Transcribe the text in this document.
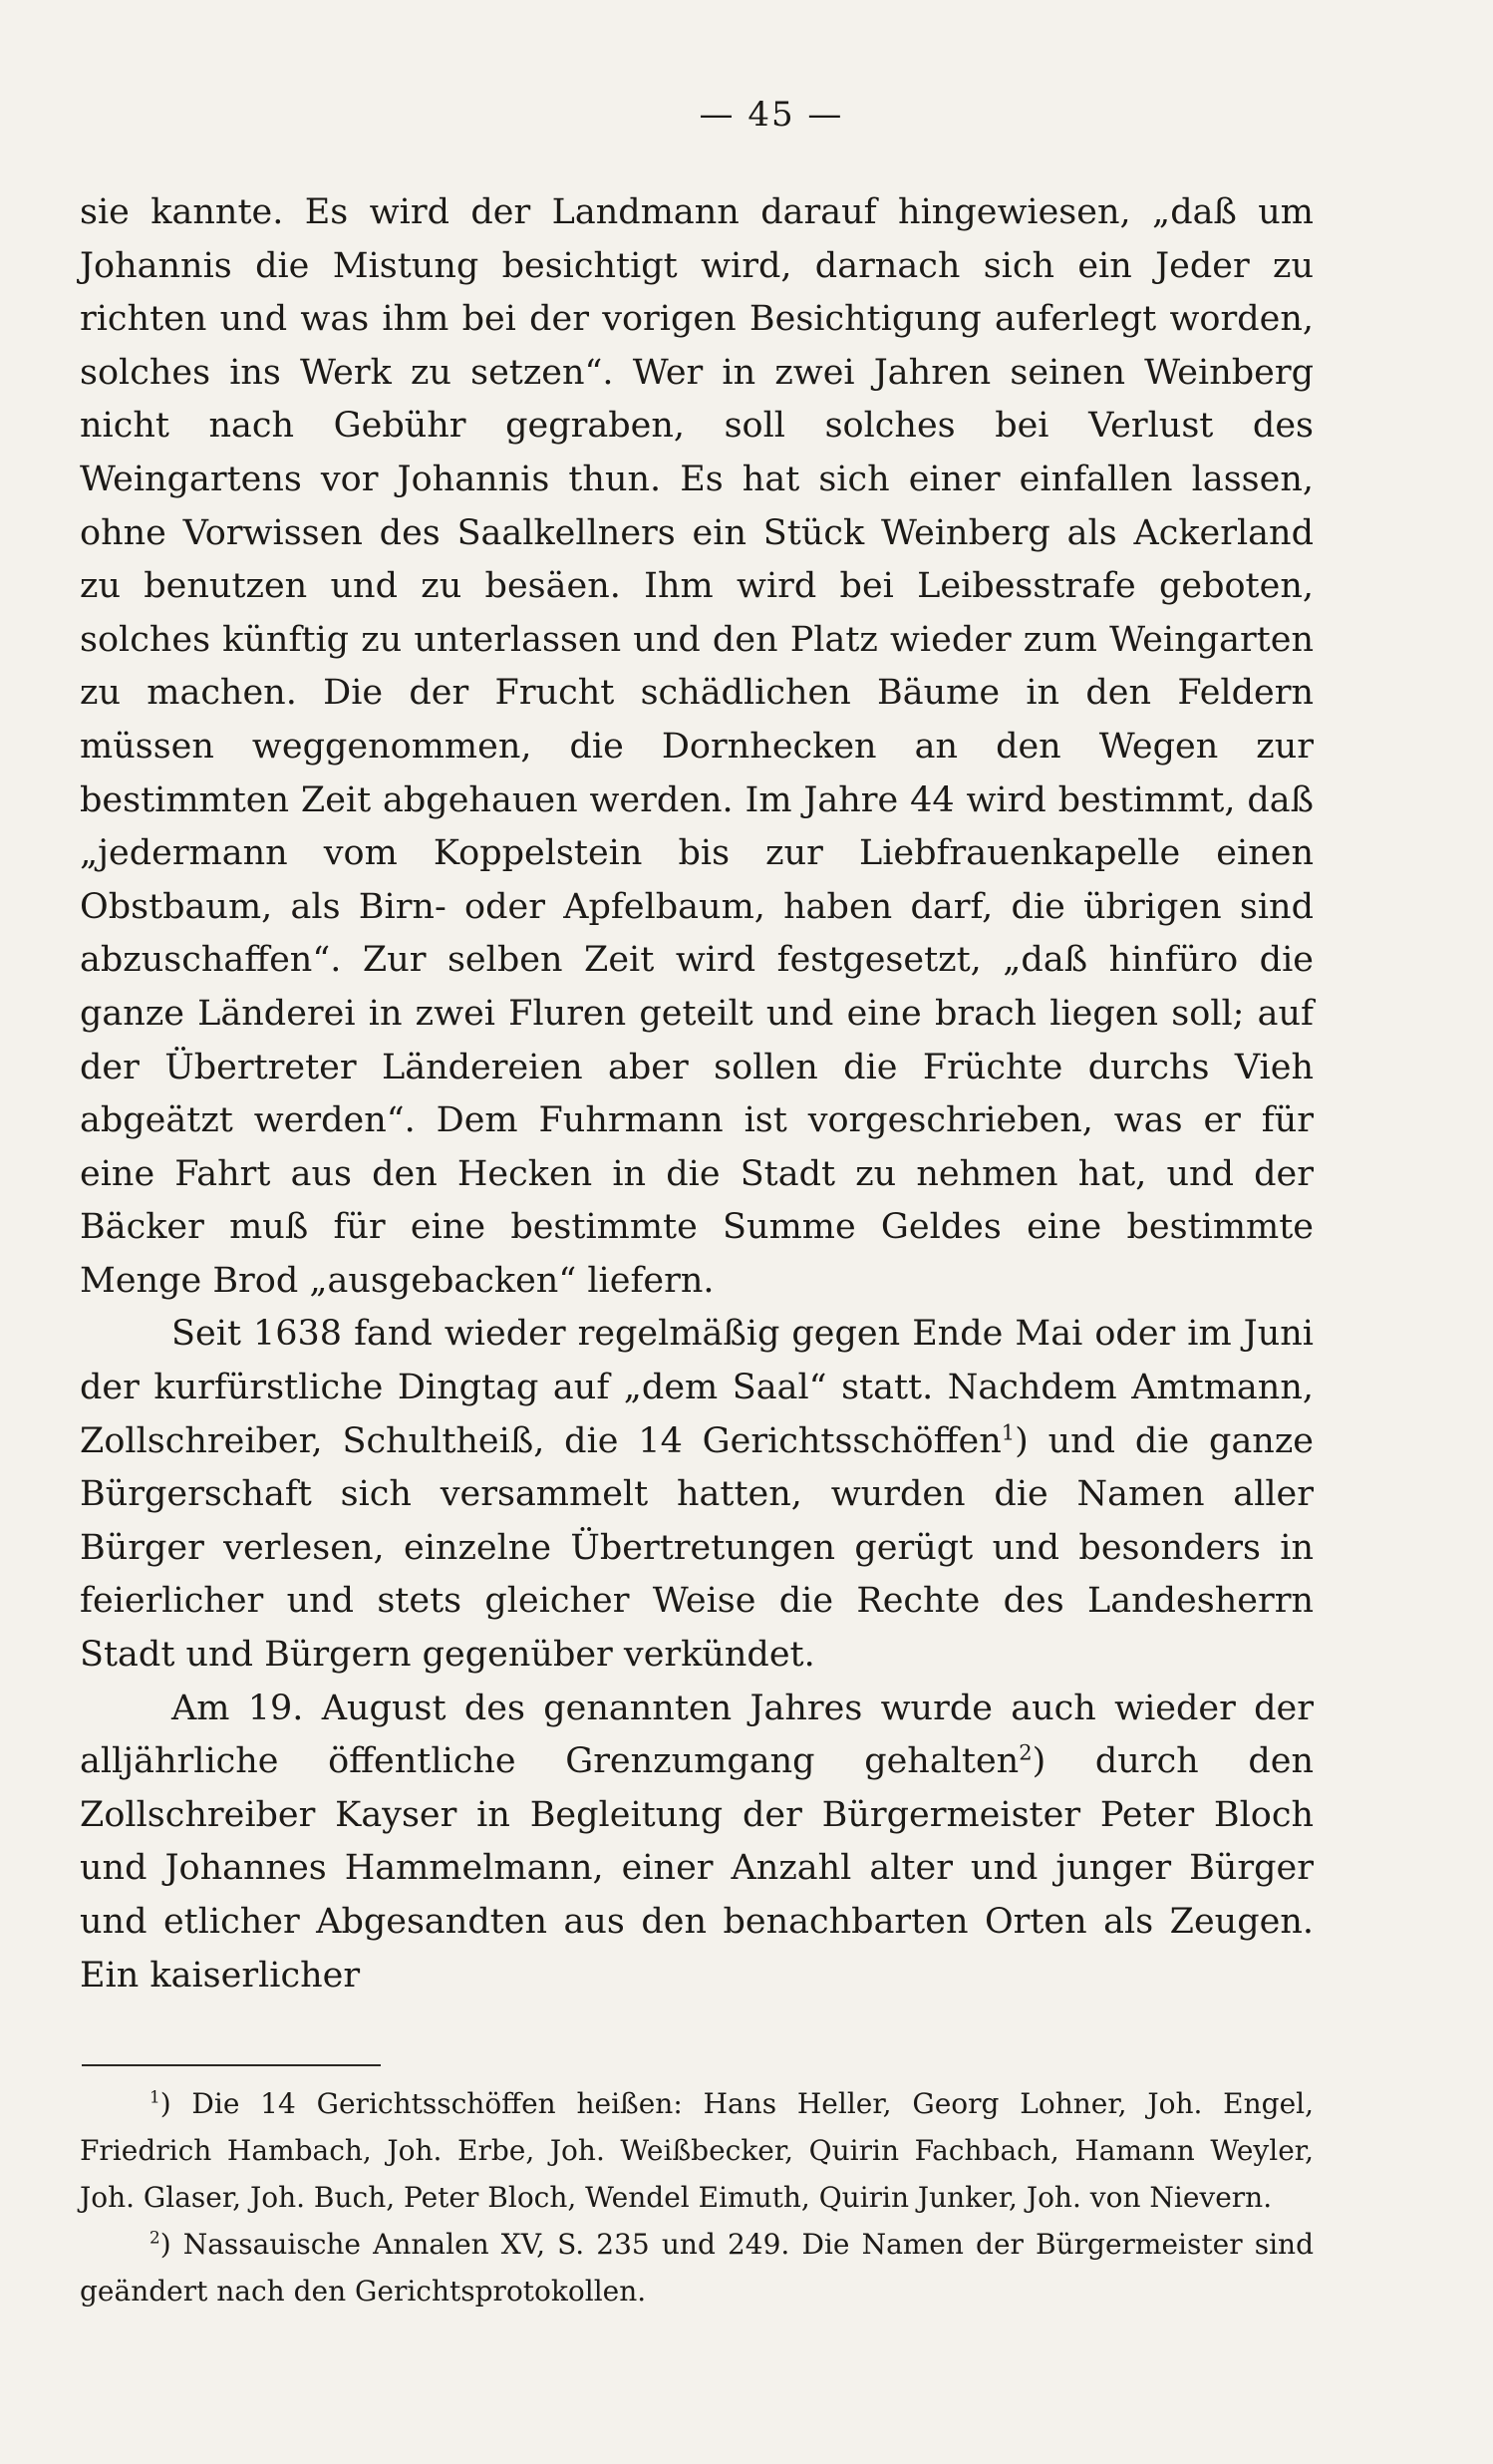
— 45 —

sie kannte. Es wird der Landmann darauf hingewiesen, „daß um Johannis die Mistung besichtigt wird, darnach sich ein Jeder zu richten und was ihm bei der vorigen Besichtigung auferlegt worden, solches ins Werk zu setzen“. Wer in zwei Jahren seinen Weinberg nicht nach Gebühr gegraben, soll solches bei Verlust des Weingartens vor Johannis thun. Es hat sich einer einfallen lassen, ohne Vorwissen des Saalkellners ein Stück Weinberg als Ackerland zu benutzen und zu besäen. Ihm wird bei Leibesstrafe geboten, solches künftig zu unterlassen und den Platz wieder zum Weingarten zu machen. Die der Frucht schädlichen Bäume in den Feldern müssen weggenommen, die Dornhecken an den Wegen zur bestimmten Zeit abgehauen werden. Im Jahre 44 wird bestimmt, daß „jedermann vom Koppelstein bis zur Liebfrauenkapelle einen Obstbaum, als Birn- oder Apfelbaum, haben darf, die übrigen sind abzuschaffen“. Zur selben Zeit wird festgesetzt, „daß hinfüro die ganze Länderei in zwei Fluren geteilt und eine brach liegen soll; auf der Übertreter Ländereien aber sollen die Früchte durchs Vieh abgeätzt werden“. Dem Fuhrmann ist vorgeschrieben, was er für eine Fahrt aus den Hecken in die Stadt zu nehmen hat, und der Bäcker muß für eine bestimmte Summe Geldes eine bestimmte Menge Brod „ausgebacken“ liefern.

Seit 1638 fand wieder regelmäßig gegen Ende Mai oder im Juni der kurfürstliche Dingtag auf „dem Saal“ statt. Nachdem Amtmann, Zollschreiber, Schultheiß, die 14 Gerichtsschöffen$^1$) und die ganze Bürgerschaft sich versammelt hatten, wurden die Namen aller Bürger verlesen, einzelne Übertretungen gerügt und besonders in feierlicher und stets gleicher Weise die Rechte des Landesherrn Stadt und Bürgern gegenüber verkündet.

Am 19. August des genannten Jahres wurde auch wieder der alljährliche öffentliche Grenzumgang gehalten$^2$) durch den Zollschreiber Kayser in Begleitung der Bürgermeister Peter Bloch und Johannes Hammelmann, einer Anzahl alter und junger Bürger und etlicher Abgesandten aus den benachbarten Orten als Zeugen. Ein kaiserlicher

$^1$) Die 14 Gerichtsschöffen heißen: Hans Heller, Georg Lohner, Joh. Engel, Friedrich Hambach, Joh. Erbe, Joh. Weißbecker, Quirin Fachbach, Hamann Weyler, Joh. Glaser, Joh. Buch, Peter Bloch, Wendel Eimuth, Quirin Junker, Joh. von Nievern.

$^2$) Nassauische Annalen XV, S. 235 und 249. Die Namen der Bürgermeister sind geändert nach den Gerichtsprotokollen.
